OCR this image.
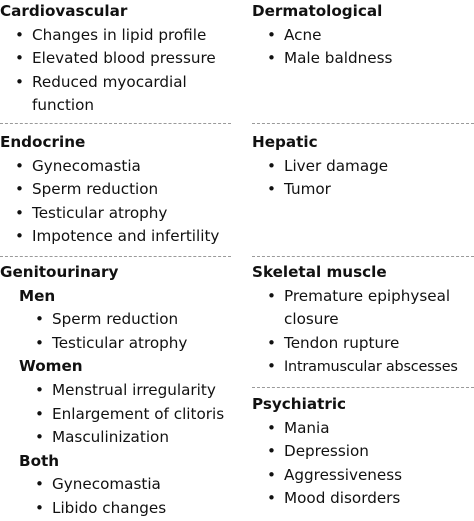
Cardiovascular
• Changes in lipid profile
• Elevated blood pressure
• Reduced myocardial
function
Dermatological
• Acne
• Male baldness
Endocrine
• Gynecomastia
• Sperm reduction
• Testicular atrophy
• Impotence and infertility
Hepatic
• Liver damage
• Tumor
Genitourinary
Men
• Sperm reduction
• Testicular atrophy
Women
• Menstrual irregularity
• Enlargement of clitoris
• Masculinization
Both
• Gynecomastia
• Libido changes
Skeletal muscle
• Premature epiphyseal
closure
• Tendon rupture
• Intramuscular abscesses
Psychiatric
• Mania
• Depression
• Aggressiveness
• Mood disorders
